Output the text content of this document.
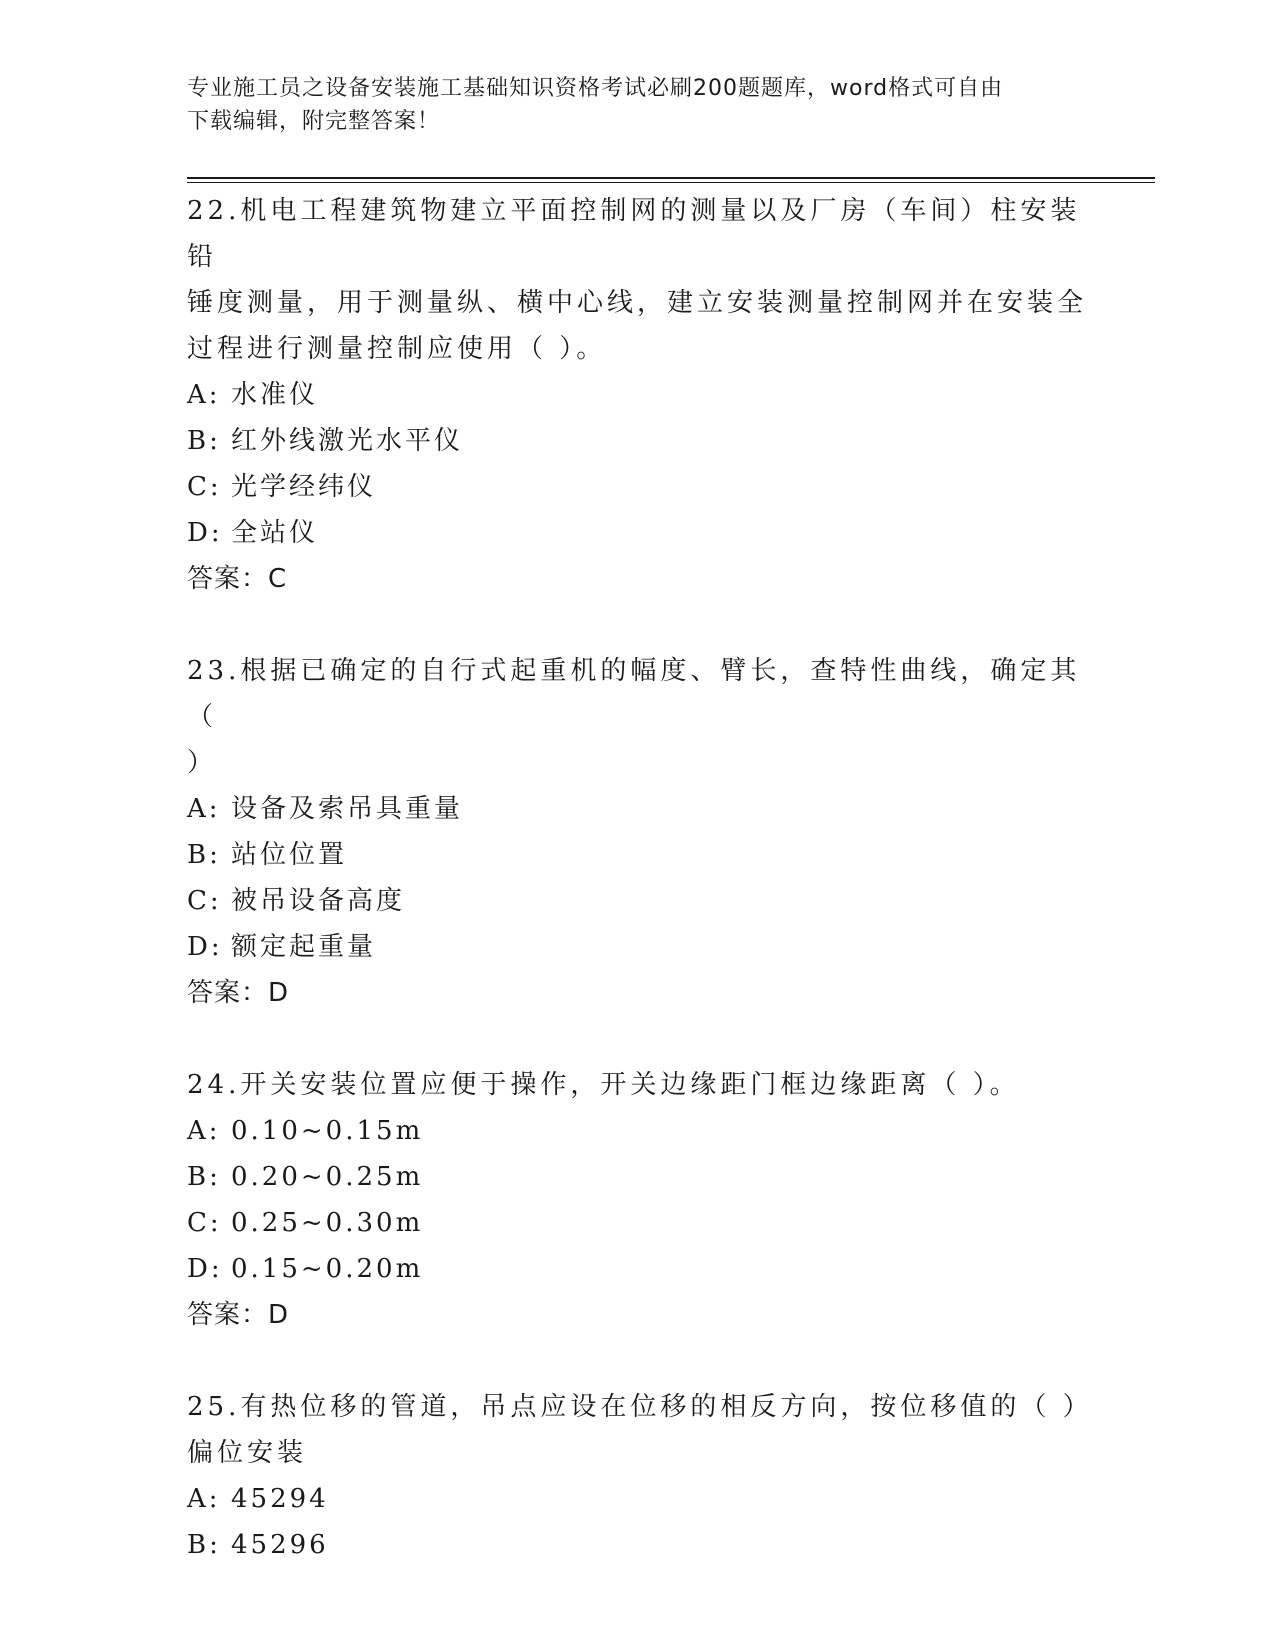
专业施工员之设备安装施工基础知识资格考试必刷200题题库，word格式可自由
下载编辑，附完整答案！

22.机电工程建筑物建立平面控制网的测量以及厂房（车间）柱安装铅

锤度测量，用于测量纵、横中心线，建立安装测量控制网并在安装全

过程进行测量控制应使用（ ）。

A: 水准仪
B: 红外线激光水平仪
C: 光学经纬仪
D: 全站仪

答案：C

23.根据已确定的自行式起重机的幅度、臂长，查特性曲线，确定其（

）

A: 设备及索吊具重量
B: 站位位置
C: 被吊设备高度
D: 额定起重量

答案：D

24.开关安装位置应便于操作，开关边缘距门框边缘距离（ ）。

A: 0.10~0.15m
B: 0.20~0.25m
C: 0.25~0.30m
D: 0.15~0.20m

答案：D

25.有热位移的管道，吊点应设在位移的相反方向，按位移值的（ ）

偏位安装

A: 45294
B: 45296
